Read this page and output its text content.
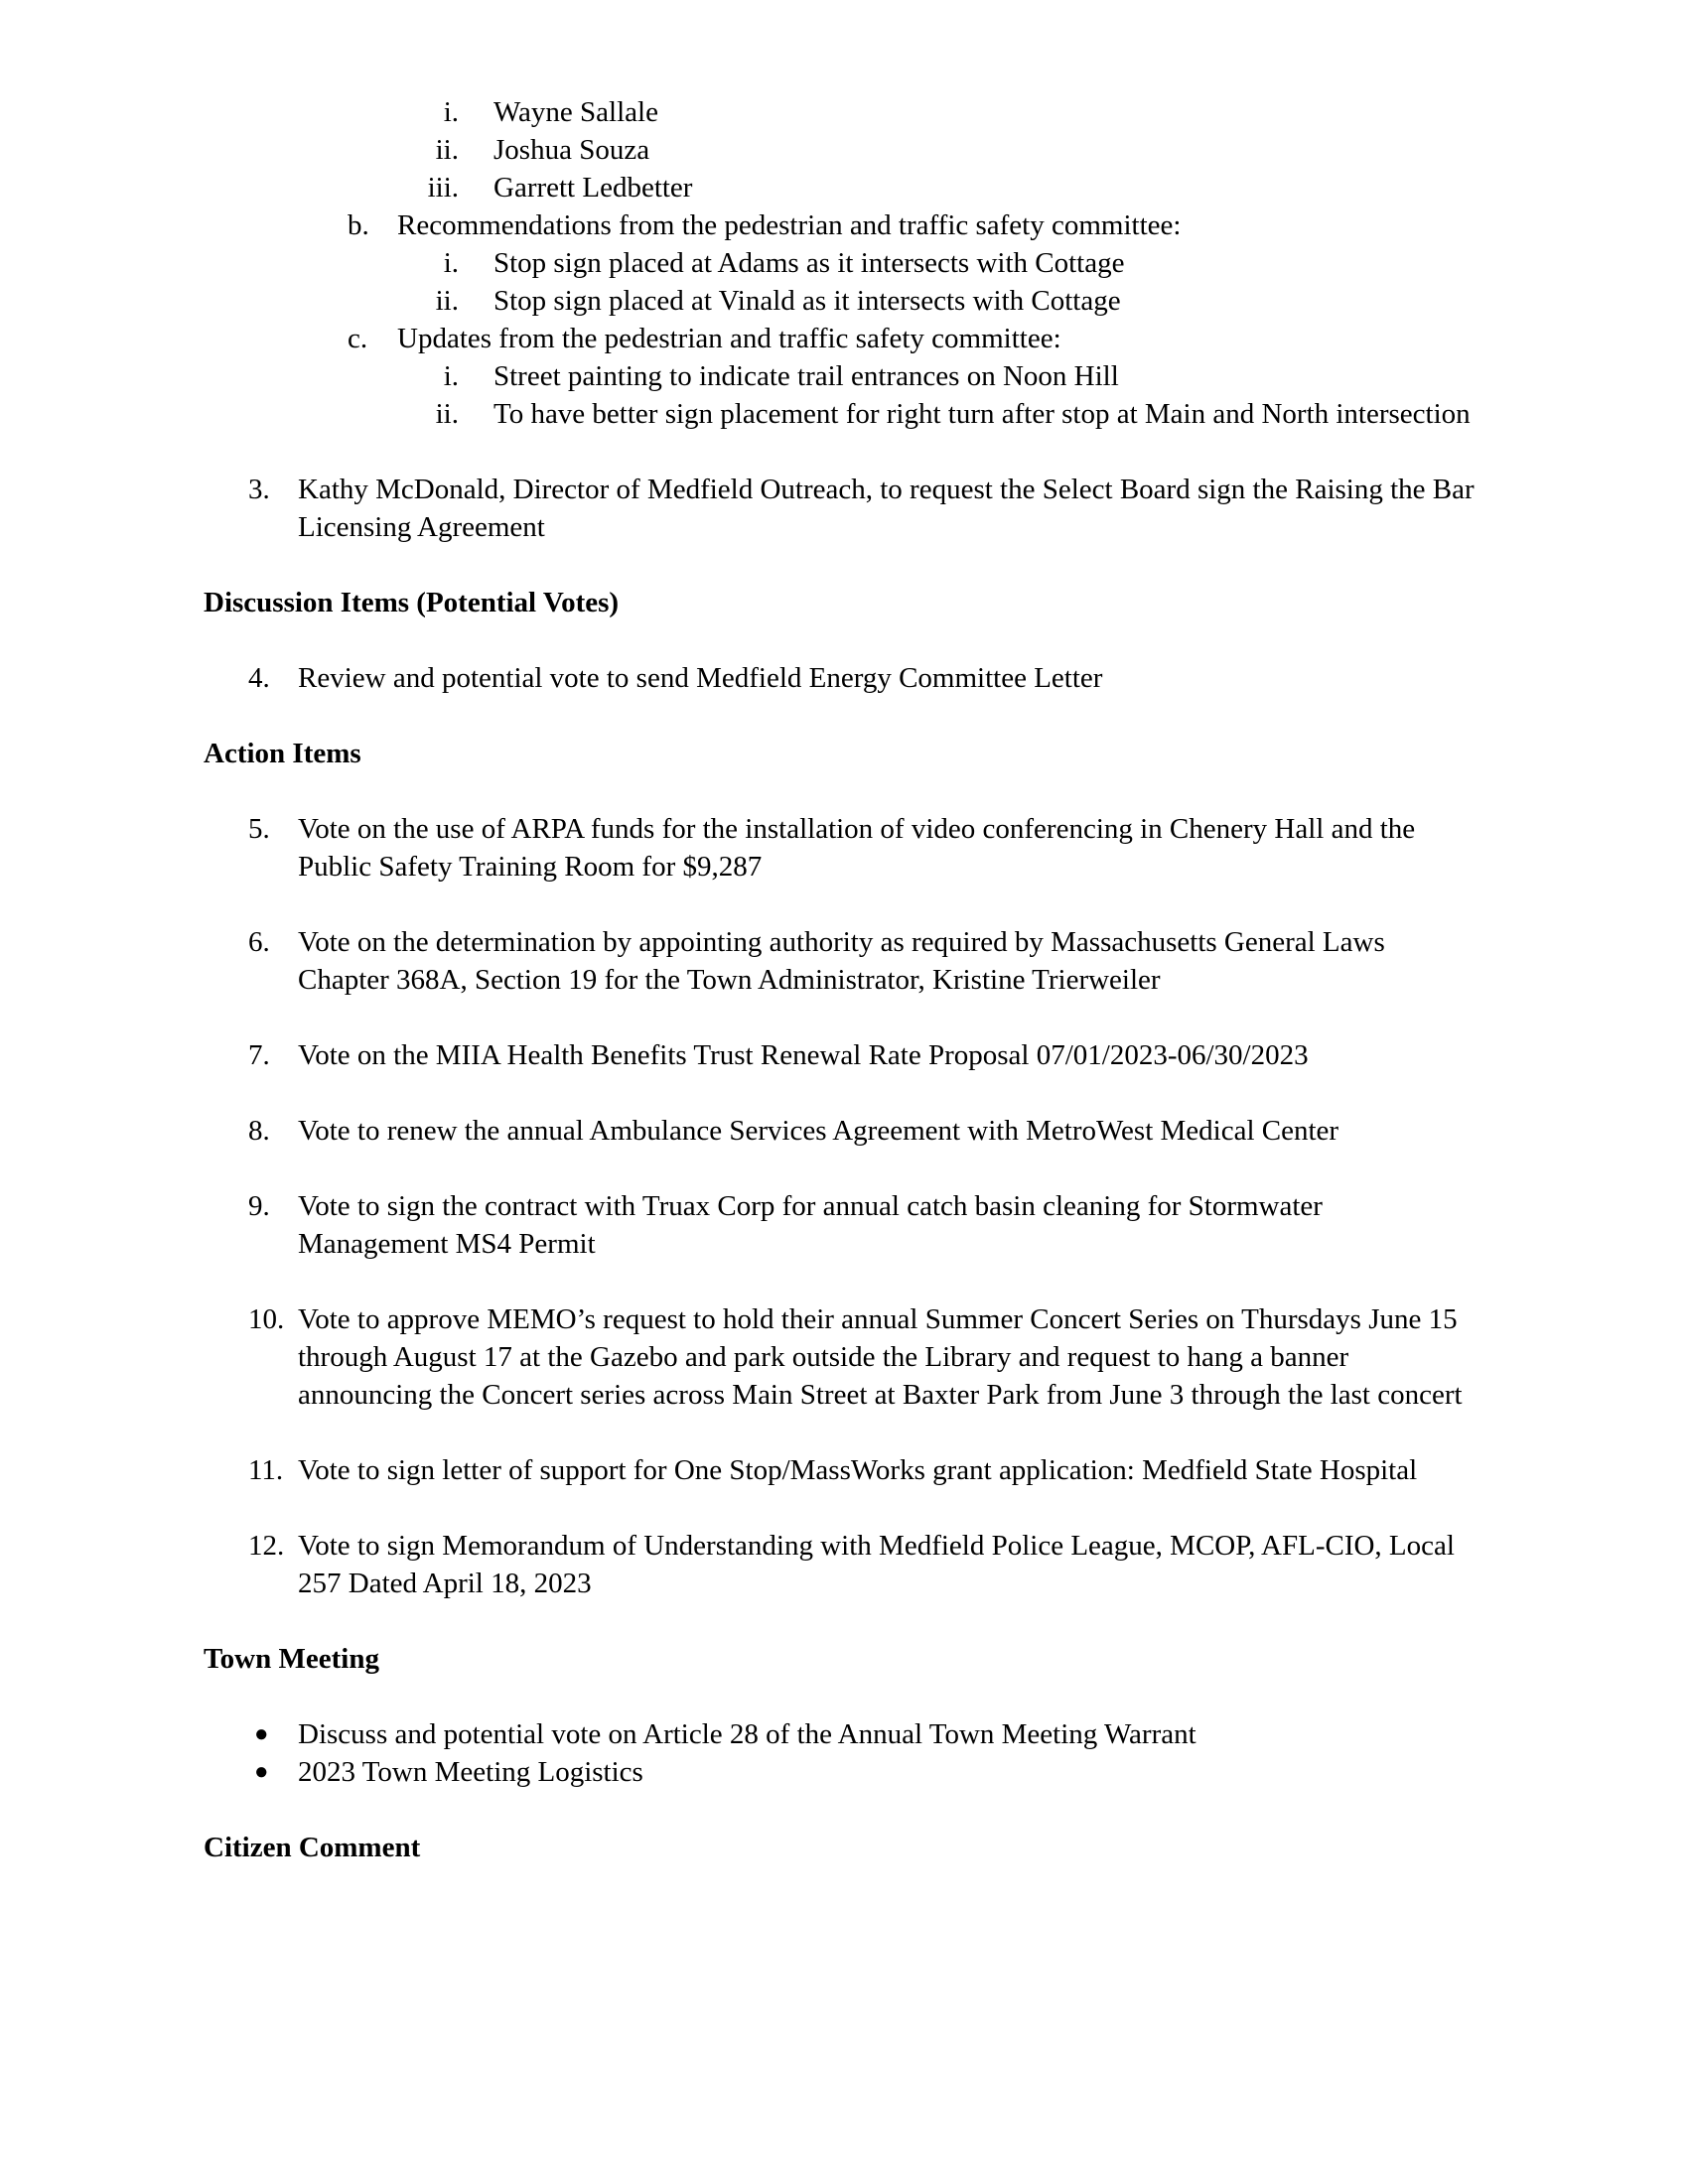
i. Wayne Sallale
ii. Joshua Souza
iii. Garrett Ledbetter
b. Recommendations from the pedestrian and traffic safety committee:
i. Stop sign placed at Adams as it intersects with Cottage
ii. Stop sign placed at Vinald as it intersects with Cottage
c.	Updates from the pedestrian and traffic safety committee:
i. Street painting to indicate trail entrances on Noon Hill
ii. To have better sign placement for right turn after stop at Main and North intersection
3. Kathy McDonald, Director of Medfield Outreach, to request the Select Board sign the Raising the Bar Licensing Agreement
Discussion Items (Potential Votes)
4. Review and potential vote to send Medfield Energy Committee Letter
Action Items
5. Vote on the use of ARPA funds for the installation of video conferencing in Chenery Hall and the Public Safety Training Room for $9,287
6. Vote on the determination by appointing authority as required by Massachusetts General Laws Chapter 368A, Section 19 for the Town Administrator, Kristine Trierweiler
7. Vote on the MIIA Health Benefits Trust Renewal Rate Proposal 07/01/2023-06/30/2023
8. Vote to renew the annual Ambulance Services Agreement with MetroWest Medical Center
9. Vote to sign the contract with Truax Corp for annual catch basin cleaning for Stormwater Management MS4 Permit
10. Vote to approve MEMO’s request to hold their annual Summer Concert Series on Thursdays June 15 through August 17 at the Gazebo and park outside the Library and request to hang a banner announcing the Concert series across Main Street at Baxter Park from June 3 through the last concert
11. Vote to sign letter of support for One Stop/MassWorks grant application: Medfield State Hospital
12. Vote to sign Memorandum of Understanding with Medfield Police League, MCOP, AFL-CIO, Local 257 Dated April 18, 2023
Town Meeting
●	Discuss and potential vote on Article 28 of the Annual Town Meeting Warrant
●	2023 Town Meeting Logistics
Citizen Comment
